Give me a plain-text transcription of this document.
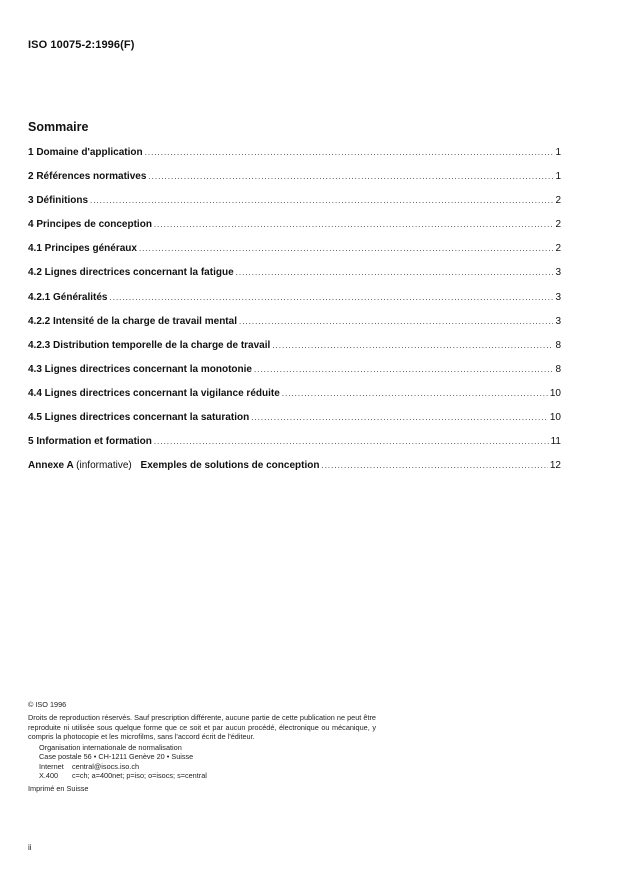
ISO 10075-2:1996(F)
Sommaire
1 Domaine d'application .....	1
2 Références normatives .....	1
3 Définitions .....	2
4 Principes de conception .....	2
4.1 Principes généraux .....	2
4.2 Lignes directrices concernant la fatigue .....	3
4.2.1 Généralités .....	3
4.2.2 Intensité de la charge de travail mental .....	3
4.2.3 Distribution temporelle de la charge de travail .....	8
4.3 Lignes directrices concernant la monotonie .....	8
4.4 Lignes directrices concernant la vigilance réduite .....	10
4.5 Lignes directrices concernant la saturation .....	10
5 Information et formation .....	11
Annexe A (informative) Exemples de solutions de conception .....	12

© ISO 1996

Droits de reproduction réservés. Sauf prescription différente, aucune partie de cette publication ne peut être reproduite ni utilisée sous quelque forme que ce soit et par aucun procédé, électronique ou mécanique, y compris la photocopie et les microfilms, sans l'accord écrit de l'éditeur.

Organisation internationale de normalisation

Case postale 56 • CH-1211 Genève 20 • Suisse

Internet	central@isocs.iso.ch
X.400	c=ch; a=400net; p=iso; o=isocs; s=central

Imprimé en Suisse

ii
